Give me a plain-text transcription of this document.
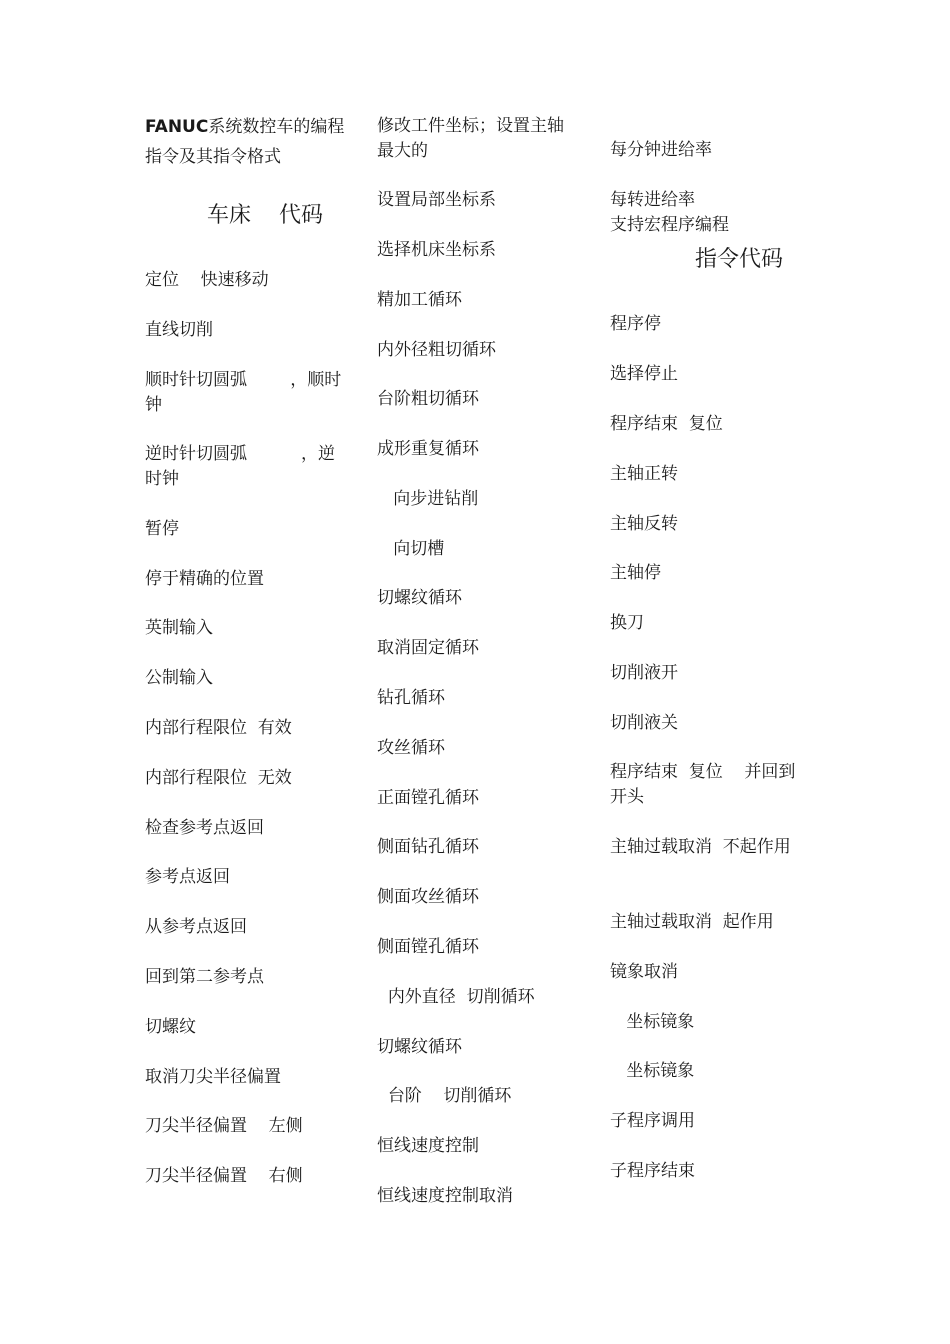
FANUC系统数控车的编程指令及其指令格式
车床    代码
定位    快速移动
直线切削
顺时针切圆弧        ，顺时钟
逆时针切圆弧          ，逆时钟
暂停
停于精确的位置
英制输入
公制输入
内部行程限位  有效
内部行程限位  无效
检查参考点返回
参考点返回
从参考点返回
回到第二参考点
切螺纹
取消刀尖半径偏置
刀尖半径偏置    左侧
刀尖半径偏置    右侧
修改工件坐标；设置主轴最大的
设置局部坐标系
选择机床坐标系
精加工循环
内外径粗切循环
台阶粗切循环
成形重复循环
向步进钻削
向切槽
切螺纹循环
取消固定循环
钻孔循环
攻丝循环
正面镗孔循环
侧面钻孔循环
侧面攻丝循环
侧面镗孔循环
内外直径  切削循环
切螺纹循环
台阶    切削循环
恒线速度控制
恒线速度控制取消
每分钟进给率
每转进给率
支持宏程序编程
指令代码
程序停
选择停止
程序结束  复位
主轴正转
主轴反转
主轴停
换刀
切削液开
切削液关
程序结束  复位    并回到开头
主轴过载取消  不起作用
主轴过载取消  起作用
镜象取消
坐标镜象
坐标镜象
子程序调用
子程序结束
